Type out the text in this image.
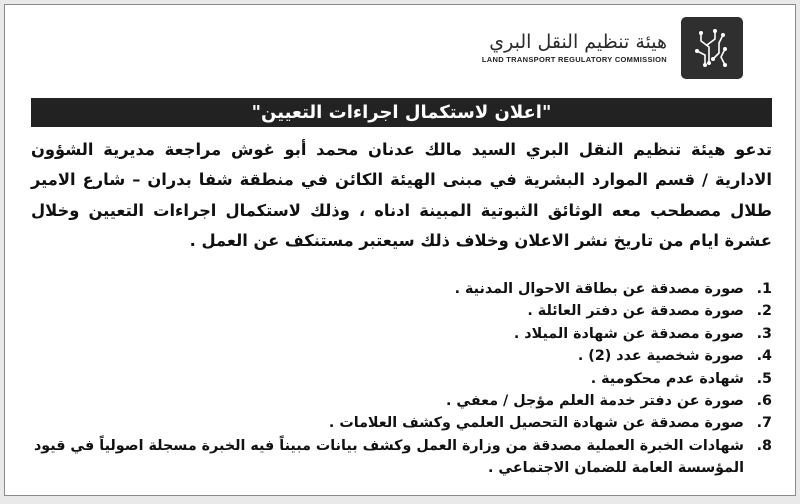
هيئة تنظيم النقل البري
LAND TRANSPORT REGULATORY COMMISSION
"اعلان لاستكمال اجراءات التعيين"
تدعو هيئة تنظيم النقل البري السيد مالك عدنان محمد أبو غوش مراجعة مديرية الشؤون الادارية / قسم الموارد البشرية في مبنى الهيئة الكائن في منطقة شفا بدران – شارع الامير طلال مصطحب معه الوثائق الثبوتية المبينة ادناه ، وذلك لاستكمال اجراءات التعيين وخلال عشرة ايام من تاريخ نشر الاعلان وخلاف ذلك سيعتبر مستنكف عن العمل .
1.
صورة مصدقة عن بطاقة الاحوال المدنية .
2.
صورة مصدقة عن دفتر العائلة .
3.
صورة مصدقة عن شهادة الميلاد .
4.
صورة شخصية عدد (2) .
5.
شهادة عدم محكومية .
6.
صورة عن دفتر خدمة العلم مؤجل / معفي .
7.
صورة مصدقة عن شهادة التحصيل العلمي وكشف العلامات .
8.
شهادات الخبرة العملية مصدقة من وزارة العمل وكشف بيانات مبيناً فيه الخبرة مسجلة اصولياً في قيود المؤسسة العامة للضمان الاجتماعي .
